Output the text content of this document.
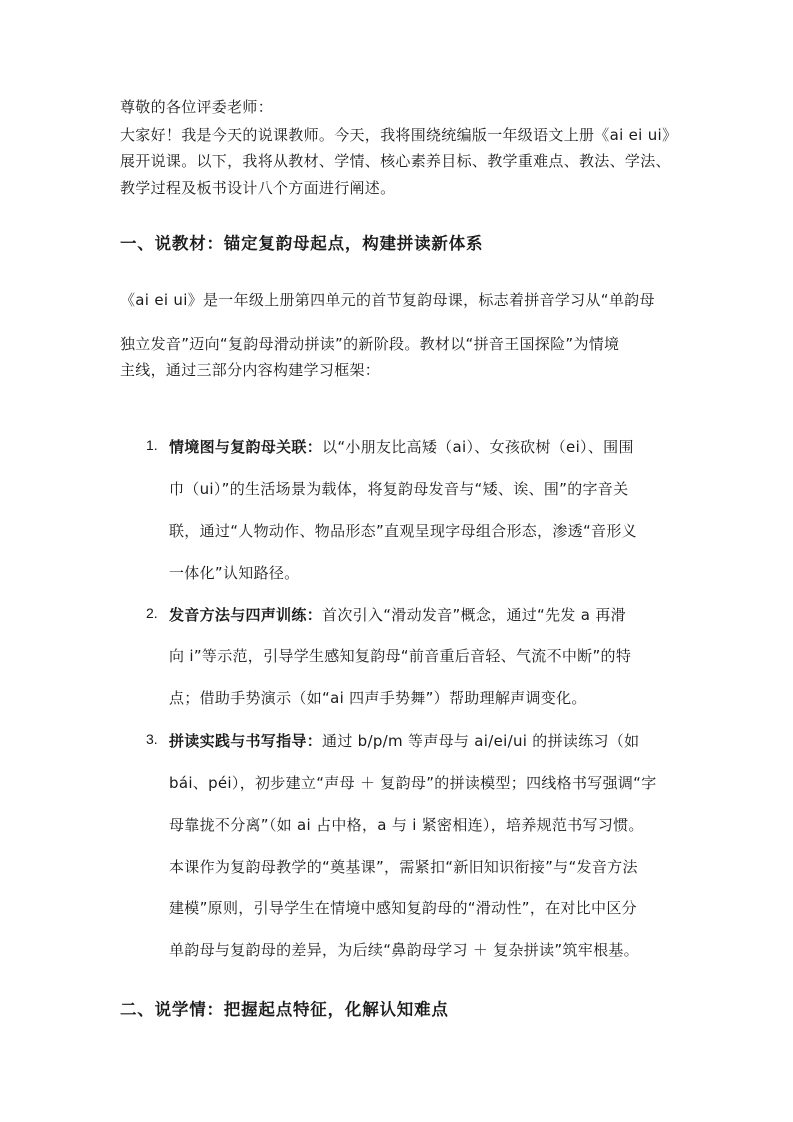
尊敬的各位评委老师：
大家好！我是今天的说课教师。今天，我将围绕统编版一年级语文上册《ai ei ui》
展开说课。以下，我将从教材、学情、核心素养目标、教学重难点、教法、学法、
教学过程及板书设计八个方面进行阐述。
一、说教材：锚定复韵母起点，构建拼读新体系
《ai ei ui》是一年级上册第四单元的首节复韵母课，标志着拼音学习从“单韵母
独立发音”迈向“复韵母滑动拼读”的新阶段。教材以“拼音王国探险”为情境
主线，通过三部分内容构建学习框架：
1. 情境图与复韵母关联：以“小朋友比高矮（ai）、女孩砍树（ei）、围围
巾（ui）”的生活场景为载体，将复韵母发音与“矮、诶、围”的字音关
联，通过“人物动作、物品形态”直观呈现字母组合形态，渗透“音形义
一体化”认知路径。
2. 发音方法与四声训练：首次引入“滑动发音”概念，通过“先发 a 再滑
向 i”等示范，引导学生感知复韵母“前音重后音轻、气流不中断”的特
点；借助手势演示（如“ai 四声手势舞”）帮助理解声调变化。
3. 拼读实践与书写指导：通过 b/p/m 等声母与 ai/ei/ui 的拼读练习（如
bái、péi），初步建立“声母 ＋ 复韵母”的拼读模型；四线格书写强调“字
母靠拢不分离”（如 ai 占中格，a 与 i 紧密相连），培养规范书写习惯。
本课作为复韵母教学的“奠基课”，需紧扣“新旧知识衔接”与“发音方法
建模”原则，引导学生在情境中感知复韵母的“滑动性”，在对比中区分
单韵母与复韵母的差异，为后续“鼻韵母学习 ＋ 复杂拼读”筑牢根基。
二、说学情：把握起点特征，化解认知难点
